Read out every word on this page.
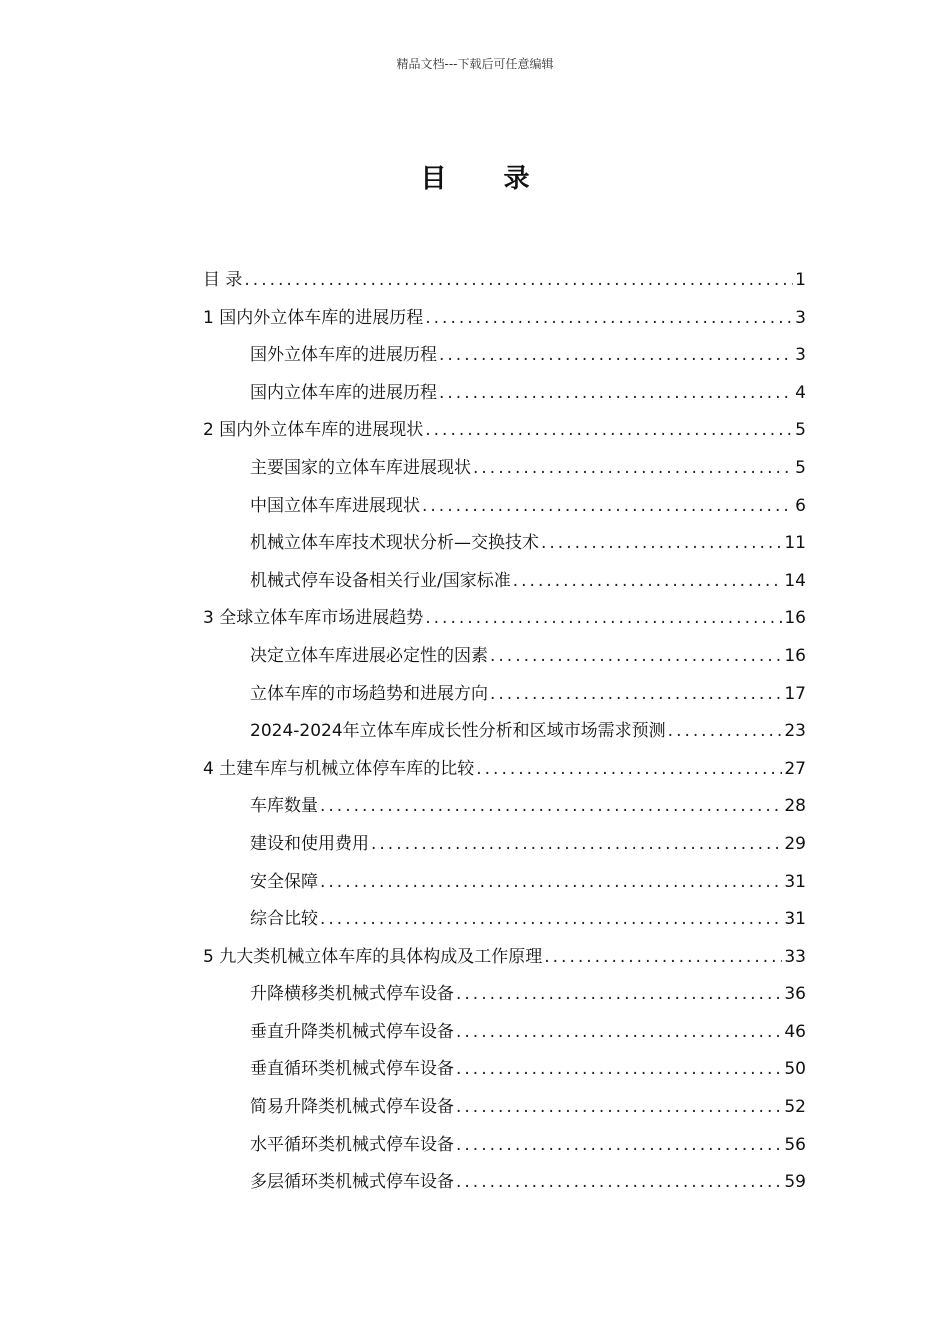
精品文档---下载后可任意编辑
目 录
目 录 .....	1
1 国内外立体车库的进展历程 .....	3
国外立体车库的进展历程 .....	3
国内立体车库的进展历程 .....	4
2 国内外立体车库的进展现状 .....	5
主要国家的立体车库进展现状 .....	5
中国立体车库进展现状 .....	6
机械立体车库技术现状分析—交换技术 .....	11
机械式停车设备相关行业/国家标准 .....	14
3 全球立体车库市场进展趋势 .....	16
决定立体车库进展必定性的因素 .....	16
立体车库的市场趋势和进展方向 .....	17
2024-2024年立体车库成长性分析和区域市场需求预测 .....	23
4 土建车库与机械立体停车库的比较 .....	27
车库数量 .....	28
建设和使用费用 .....	29
安全保障 .....	31
综合比较 .....	31
5 九大类机械立体车库的具体构成及工作原理 .....	33
升降横移类机械式停车设备 .....	36
垂直升降类机械式停车设备 .....	46
垂直循环类机械式停车设备 .....	50
简易升降类机械式停车设备 .....	52
水平循环类机械式停车设备 .....	56
多层循环类机械式停车设备 .....	59
